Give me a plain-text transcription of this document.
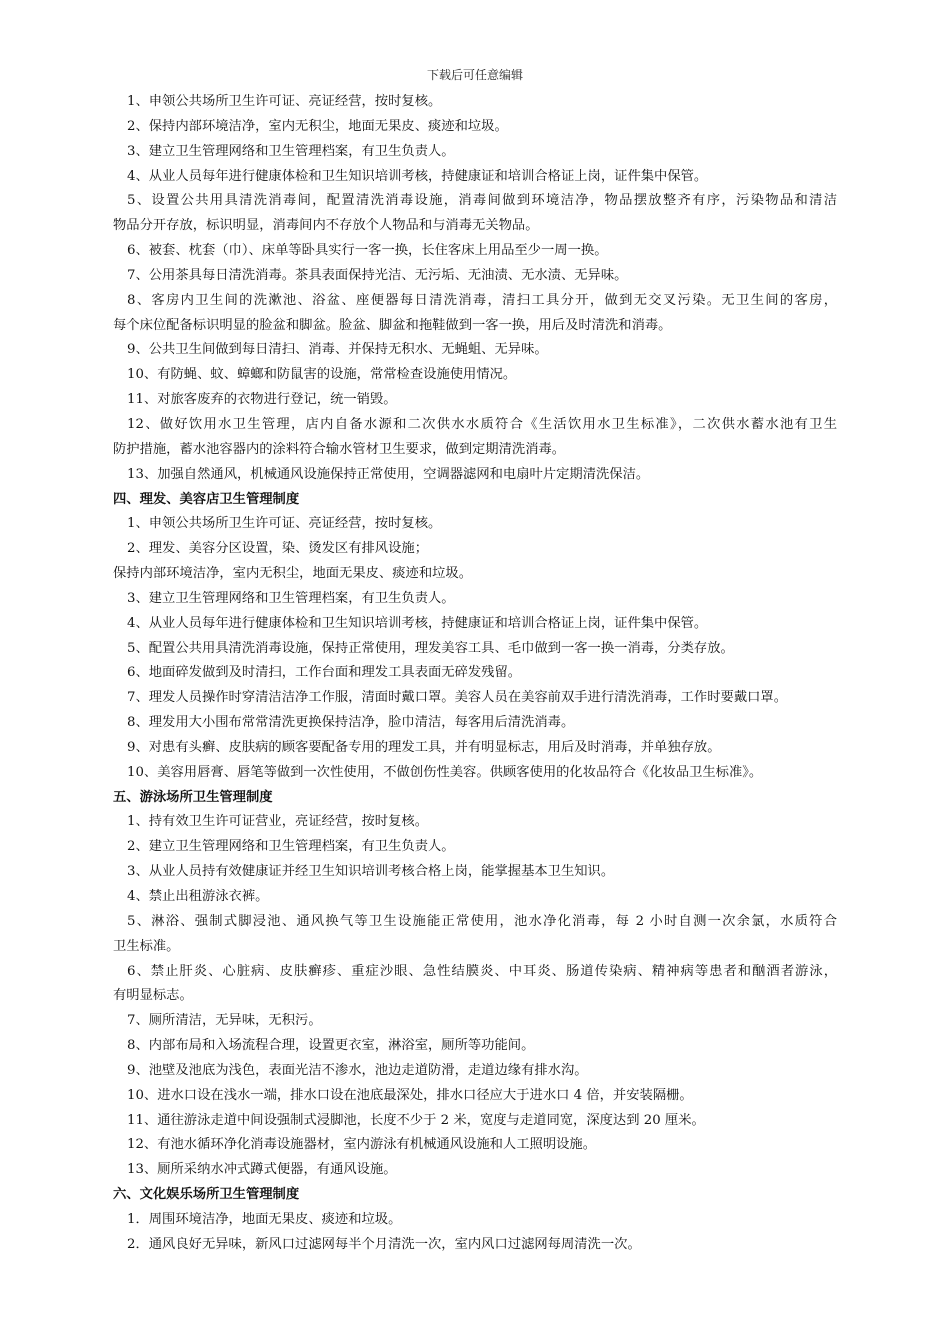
下载后可任意编辑
1、申领公共场所卫生许可证、亮证经营，按时复核。
2、保持内部环境洁净，室内无积尘，地面无果皮、痰迹和垃圾。
3、建立卫生管理网络和卫生管理档案，有卫生负责人。
4、从业人员每年进行健康体检和卫生知识培训考核，持健康证和培训合格证上岗，证件集中保管。
5、设置公共用具清洗消毒间，配置清洗消毒设施，消毒间做到环境洁净，物品摆放整齐有序，污染物品和清洁
物品分开存放，标识明显，消毒间内不存放个人物品和与消毒无关物品。
6、被套、枕套（巾）、床单等卧具实行一客一换，长住客床上用品至少一周一换。
7、公用茶具每日清洗消毒。茶具表面保持光洁、无污垢、无油渍、无水渍、无异味。
8、客房内卫生间的洗漱池、浴盆、座便器每日清洗消毒，清扫工具分开，做到无交叉污染。无卫生间的客房，
每个床位配备标识明显的脸盆和脚盆。脸盆、脚盆和拖鞋做到一客一换，用后及时清洗和消毒。
9、公共卫生间做到每日清扫、消毒、并保持无积水、无蝇蛆、无异味。
10、有防蝇、蚊、蟑螂和防鼠害的设施，常常检查设施使用情况。
11、对旅客废弃的衣物进行登记，统一销毁。
12、做好饮用水卫生管理，店内自备水源和二次供水水质符合《生活饮用水卫生标准》，二次供水蓄水池有卫生
防护措施，蓄水池容器内的涂料符合输水管材卫生要求，做到定期清洗消毒。
13、加强自然通风，机械通风设施保持正常使用，空调器滤网和电扇叶片定期清洗保洁。
四、理发、美容店卫生管理制度
1、申领公共场所卫生许可证、亮证经营，按时复核。
2、理发、美容分区设置，染、烫发区有排风设施；
保持内部环境洁净，室内无积尘，地面无果皮、痰迹和垃圾。
3、建立卫生管理网络和卫生管理档案，有卫生负责人。
4、从业人员每年进行健康体检和卫生知识培训考核，持健康证和培训合格证上岗，证件集中保管。
5、配置公共用具清洗消毒设施，保持正常使用，理发美容工具、毛巾做到一客一换一消毒，分类存放。
6、地面碎发做到及时清扫，工作台面和理发工具表面无碎发残留。
7、理发人员操作时穿清洁洁净工作服，清面时戴口罩。美容人员在美容前双手进行清洗消毒，工作时要戴口罩。
8、理发用大小围布常常清洗更换保持洁净，脸巾清洁，每客用后清洗消毒。
9、对患有头癣、皮肤病的顾客要配备专用的理发工具，并有明显标志，用后及时消毒，并单独存放。
10、美容用唇膏、唇笔等做到一次性使用，不做创伤性美容。供顾客使用的化妆品符合《化妆品卫生标准》。
五、游泳场所卫生管理制度
1、持有效卫生许可证营业，亮证经营，按时复核。
2、建立卫生管理网络和卫生管理档案，有卫生负责人。
3、从业人员持有效健康证并经卫生知识培训考核合格上岗，能掌握基本卫生知识。
4、禁止出租游泳衣裤。
5、淋浴、强制式脚浸池、通风换气等卫生设施能正常使用，池水净化消毒，每 2 小时自测一次余氯，水质符合
卫生标准。
6、禁止肝炎、心脏病、皮肤癣疹、重症沙眼、急性结膜炎、中耳炎、肠道传染病、精神病等患者和酗酒者游泳，
有明显标志。
7、厕所清洁，无异味，无积污。
8、内部布局和入场流程合理，设置更衣室，淋浴室，厕所等功能间。
9、池壁及池底为浅色，表面光洁不渗水，池边走道防滑，走道边缘有排水沟。
10、进水口设在浅水一端，排水口设在池底最深处，排水口径应大于进水口 4 倍，并安装隔栅。
11、通往游泳走道中间设强制式浸脚池，长度不少于 2 米，宽度与走道同宽，深度达到 20 厘米。
12、有池水循环净化消毒设施器材，室内游泳有机械通风设施和人工照明设施。
13、厕所采纳水冲式蹲式便器，有通风设施。
六、文化娱乐场所卫生管理制度
1．周围环境洁净，地面无果皮、痰迹和垃圾。
2．通风良好无异味，新风口过滤网每半个月清洗一次，室内风口过滤网每周清洗一次。
